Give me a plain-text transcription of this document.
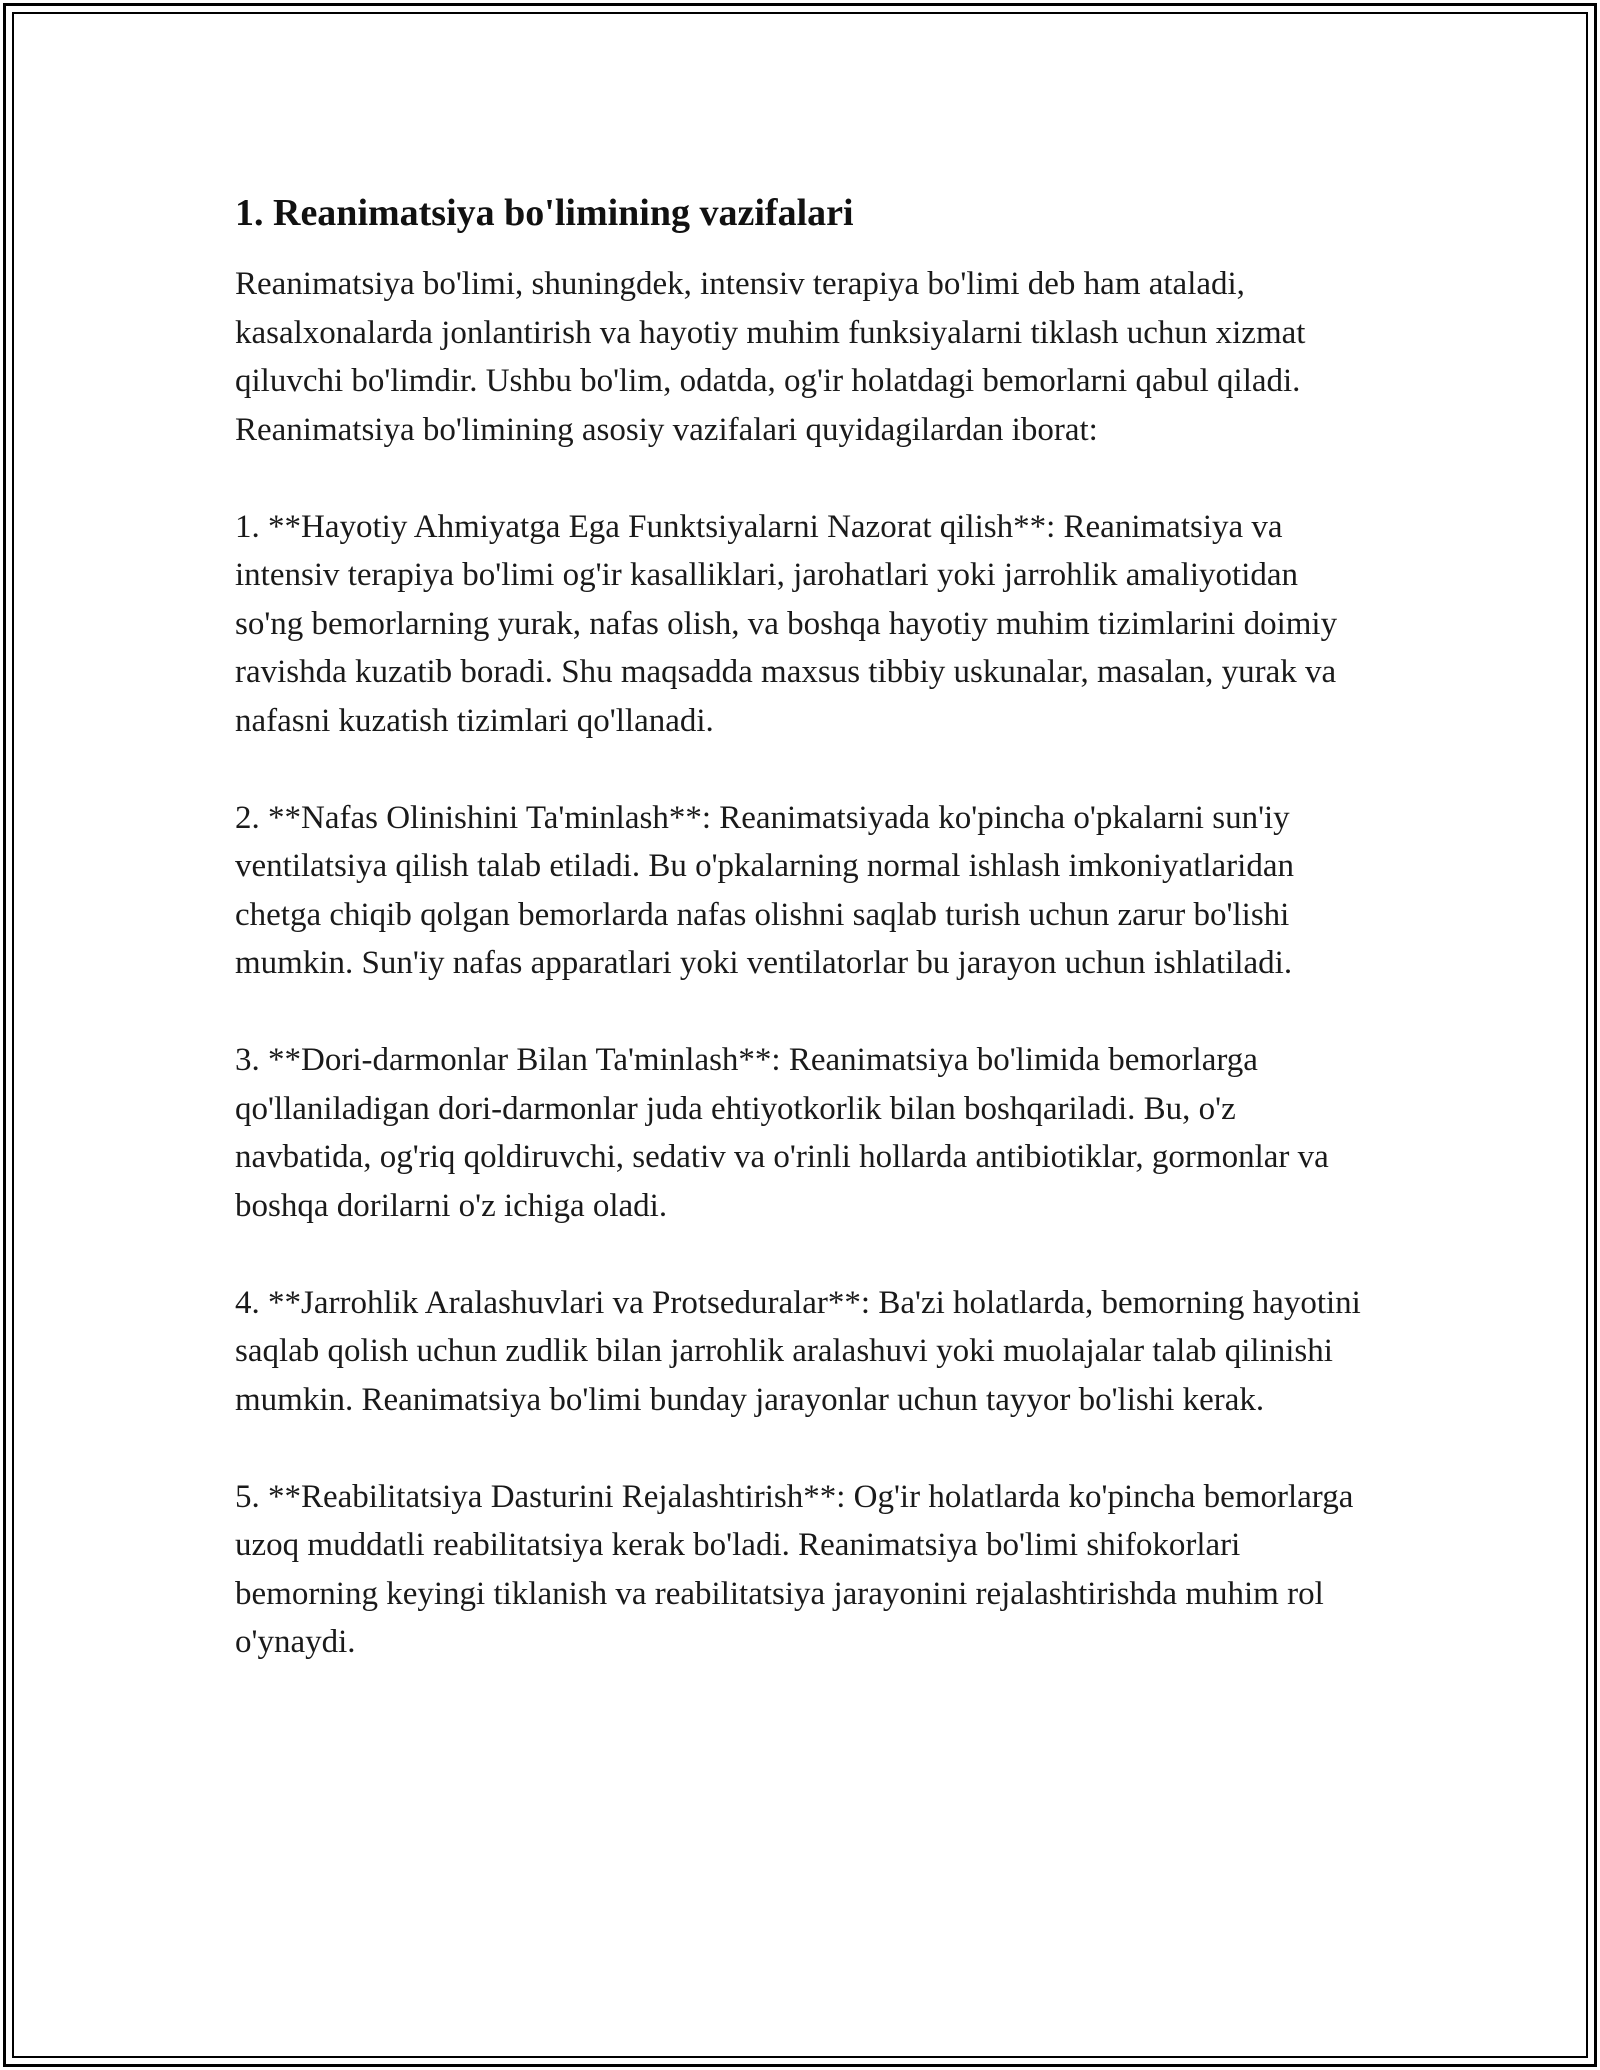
1. Reanimatsiya bo'limining vazifalari

Reanimatsiya bo'limi, shuningdek, intensiv terapiya bo'limi deb ham ataladi, kasalxonalarda jonlantirish va hayotiy muhim funksiyalarni tiklash uchun xizmat qiluvchi bo'limdir. Ushbu bo'lim, odatda, og'ir holatdagi bemorlarni qabul qiladi. Reanimatsiya bo'limining asosiy vazifalari quyidagilardan iborat:

1. **Hayotiy Ahmiyatga Ega Funktsiyalarni Nazorat qilish**: Reanimatsiya va intensiv terapiya bo'limi og'ir kasalliklari, jarohatlari yoki jarrohlik amaliyotidan so'ng bemorlarning yurak, nafas olish, va boshqa hayotiy muhim tizimlarini doimiy ravishda kuzatib boradi. Shu maqsadda maxsus tibbiy uskunalar, masalan, yurak va nafasni kuzatish tizimlari qo'llanadi.

2. **Nafas Olinishini Ta'minlash**: Reanimatsiyada ko'pincha o'pkalarni sun'iy ventilatsiya qilish talab etiladi. Bu o'pkalarning normal ishlash imkoniyatlaridan chetga chiqib qolgan bemorlarda nafas olishni saqlab turish uchun zarur bo'lishi mumkin. Sun'iy nafas apparatlari yoki ventilatorlar bu jarayon uchun ishlatiladi.

3. **Dori-darmonlar Bilan Ta'minlash**: Reanimatsiya bo'limida bemorlarga qo'llaniladigan dori-darmonlar juda ehtiyotkorlik bilan boshqariladi. Bu, o'z navbatida, og'riq qoldiruvchi, sedativ va o'rinli hollarda antibiotiklar, gormonlar va boshqa dorilarni o'z ichiga oladi.

4. **Jarrohlik Aralashuvlari va Protseduralar**: Ba'zi holatlarda, bemorning hayotini saqlab qolish uchun zudlik bilan jarrohlik aralashuvi yoki muolajalar talab qilinishi mumkin. Reanimatsiya bo'limi bunday jarayonlar uchun tayyor bo'lishi kerak.

5. **Reabilitatsiya Dasturini Rejalashtirish**: Og'ir holatlarda ko'pincha bemorlarga uzoq muddatli reabilitatsiya kerak bo'ladi. Reanimatsiya bo'limi shifokorlari bemorning keyingi tiklanish va reabilitatsiya jarayonini rejalashtirishda muhim rol o'ynaydi.
